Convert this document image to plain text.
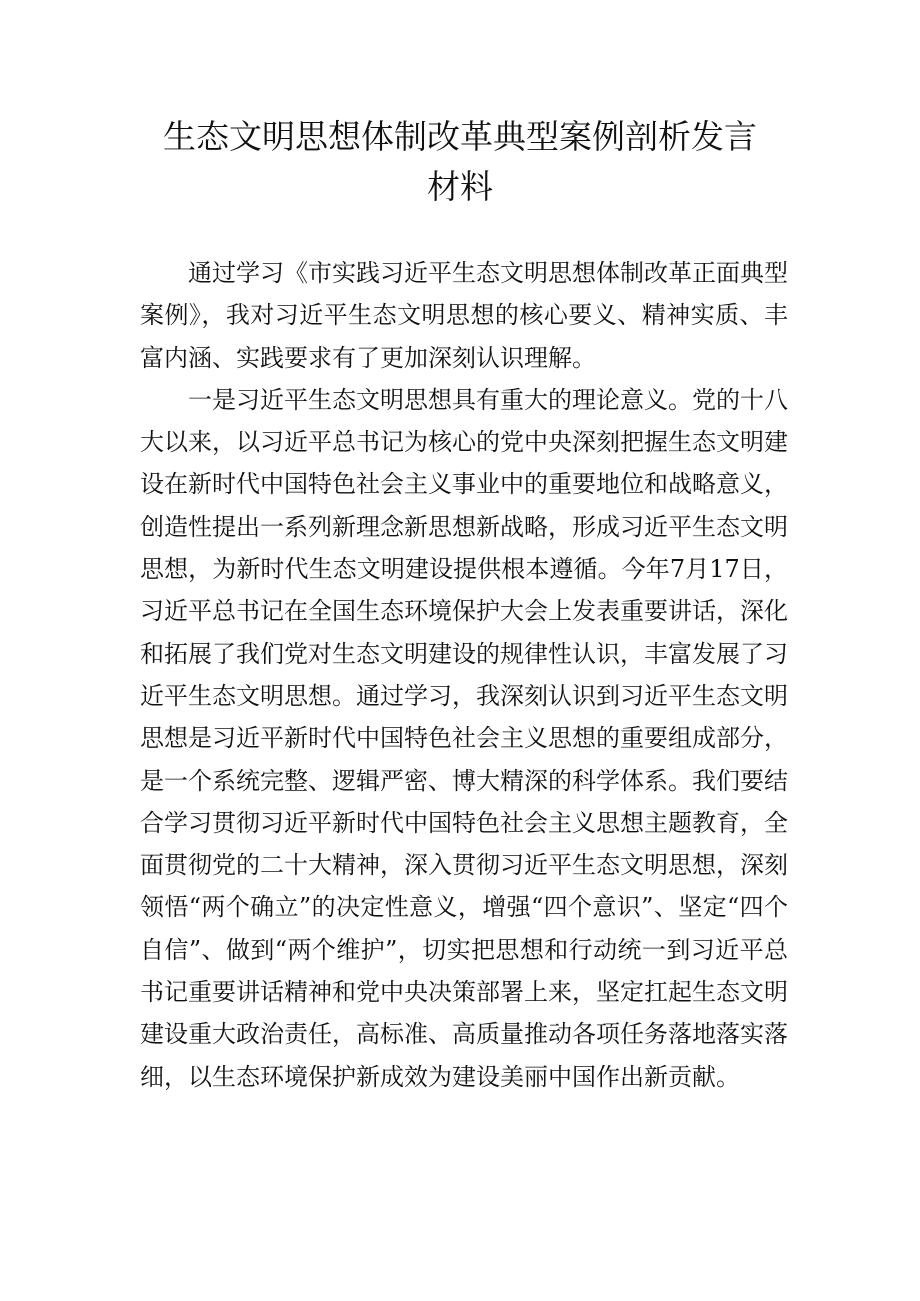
生态文明思想体制改革典型案例剖析发言
材料

通过学习《市实践习近平生态文明思想体制改革正面典型案例》，我对习近平生态文明思想的核心要义、精神实质、丰富内涵、实践要求有了更加深刻认识理解。

一是习近平生态文明思想具有重大的理论意义。党的十八大以来，以习近平总书记为核心的党中央深刻把握生态文明建设在新时代中国特色社会主义事业中的重要地位和战略意义，创造性提出一系列新理念新思想新战略，形成习近平生态文明思想，为新时代生态文明建设提供根本遵循。今年7月17日，习近平总书记在全国生态环境保护大会上发表重要讲话，深化和拓展了我们党对生态文明建设的规律性认识，丰富发展了习近平生态文明思想。通过学习，我深刻认识到习近平生态文明思想是习近平新时代中国特色社会主义思想的重要组成部分，是一个系统完整、逻辑严密、博大精深的科学体系。我们要结合学习贯彻习近平新时代中国特色社会主义思想主题教育，全面贯彻党的二十大精神，深入贯彻习近平生态文明思想，深刻领悟“两个确立”的决定性意义，增强“四个意识”、坚定“四个自信”、做到“两个维护”，切实把思想和行动统一到习近平总书记重要讲话精神和党中央决策部署上来，坚定扛起生态文明建设重大政治责任，高标准、高质量推动各项任务落地落实落细，以生态环境保护新成效为建设美丽中国作出新贡献。
